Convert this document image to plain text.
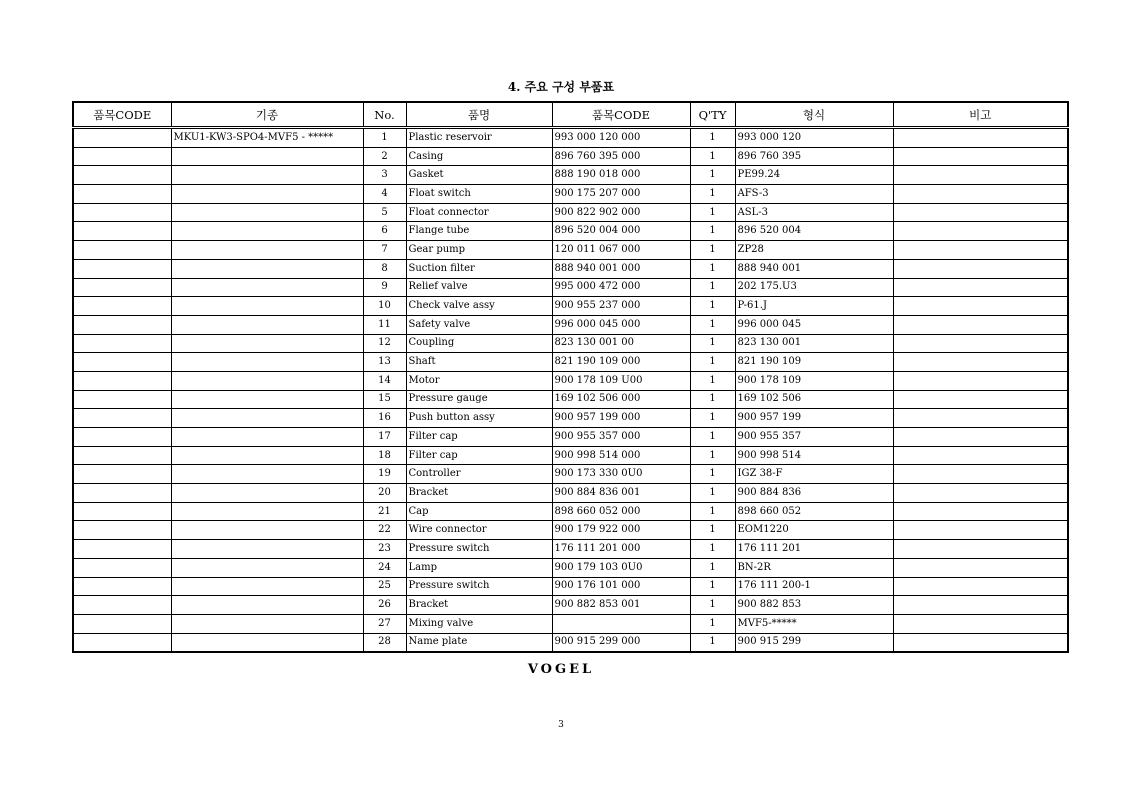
4. 주요 구성 부품표
품목CODE	기종	No.	품명	품목CODE	Q'TY	형식	비고
	MKU1-KW3-SPO4-MVF5 - *****	1	Plastic reservoir	993 000 120 000	1	993 000 120	
		2	Casing	896 760 395 000	1	896 760 395	
		3	Gasket	888 190 018 000	1	PE99.24	
		4	Float switch	900 175 207 000	1	AFS-3	
		5	Float connector	900 822 902 000	1	ASL-3	
		6	Flange tube	896 520 004 000	1	896 520 004	
		7	Gear pump	120 011 067 000	1	ZP28	
		8	Suction filter	888 940 001 000	1	888 940 001	
		9	Relief valve	995 000 472 000	1	202 175.U3	
		10	Check valve assy	900 955 237 000	1	P-61.J	
		11	Safety valve	996 000 045 000	1	996 000 045	
		12	Coupling	823 130 001 00	1	823 130 001	
		13	Shaft	821 190 109 000	1	821 190 109	
		14	Motor	900 178 109 U00	1	900 178 109	
		15	Pressure gauge	169 102 506 000	1	169 102 506	
		16	Push button assy	900 957 199 000	1	900 957 199	
		17	Filter cap	900 955 357 000	1	900 955 357	
		18	Filter cap	900 998 514 000	1	900 998 514	
		19	Controller	900 173 330 0U0	1	IGZ 38-F	
		20	Bracket	900 884 836 001	1	900 884 836	
		21	Cap	898 660 052 000	1	898 660 052	
		22	Wire connector	900 179 922 000	1	EOM1220	
		23	Pressure switch	176 111 201 000	1	176 111 201	
		24	Lamp	900 179 103 0U0	1	BN-2R	
		25	Pressure switch	900 176 101 000	1	176 111 200-1	
		26	Bracket	900 882 853 001	1	900 882 853	
		27	Mixing valve		1	MVF5-*****	
		28	Name plate	900 915 299 000	1	900 915 299	
VOGEL
3
